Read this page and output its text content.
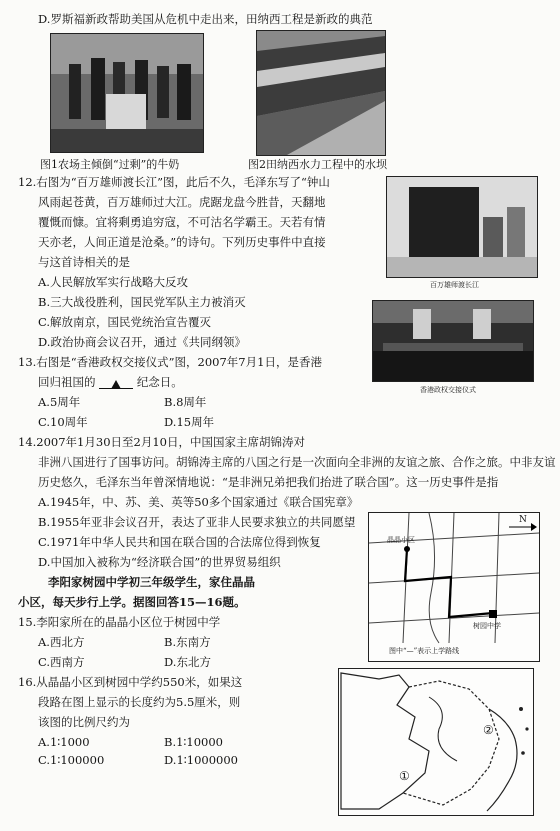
D.罗斯福新政帮助美国从危机中走出来，田纳西工程是新政的典范
图1农场主倾倒“过剩”的牛奶	图2田纳西水力工程中的水坝
12.右图为“百万雄师渡长江”图，此后不久，毛泽东写了“钟山
风雨起苍黄，百万雄师过大江。虎踞龙盘今胜昔，天翻地
覆慨而慷。宜将剩勇追穷寇，不可沽名学霸王。天若有情
天亦老，人间正道是沧桑。”的诗句。下列历史事件中直接
与这首诗相关的是
百万雄师渡长江
A.人民解放军实行战略大反攻
B.三大战役胜利，国民党军队主力被消灭
C.解放南京，国民党统治宣告覆灭
D.政治协商会议召开，通过《共同纲领》
13.右图是“香港政权交接仪式”图，2007年7月1日，是香港
回归祖国的	纪念日。
A.5周年	B.8周年
C.10周年	D.15周年
香港政权交接仪式
14.2007年1月30日至2月10日，中国国家主席胡锦涛对
非洲八国进行了国事访问。胡锦涛主席的八国之行是一次面向全非洲的友谊之旅、合作之旅。中非友谊
历史悠久，毛泽东当年曾深情地说：“是非洲兄弟把我们抬进了联合国”。这一历史事件是指
A.1945年，中、苏、美、英等50多个国家通过《联合国宪章》
B.1955年亚非会议召开，表达了亚非人民要求独立的共同愿望
C.1971年中华人民共和国在联合国的合法席位得到恢复
D.中国加入被称为“经济联合国”的世界贸易组织
李阳家树园中学初三年级学生，家住晶晶
小区，每天步行上学。据图回答15—16题。
N
晶晶小区
树园中学
图中“—”表示上学路线
15.李阳家所在的晶晶小区位于树园中学
A.西北方	B.东南方
C.西南方	D.东北方
16.从晶晶小区到树园中学约550米，如果这
段路在图上显示的长度约为5.5厘米，则
该图的比例尺约为
A.1∶1000	B.1∶10000
C.1∶100000	D.1∶1000000
②
①
